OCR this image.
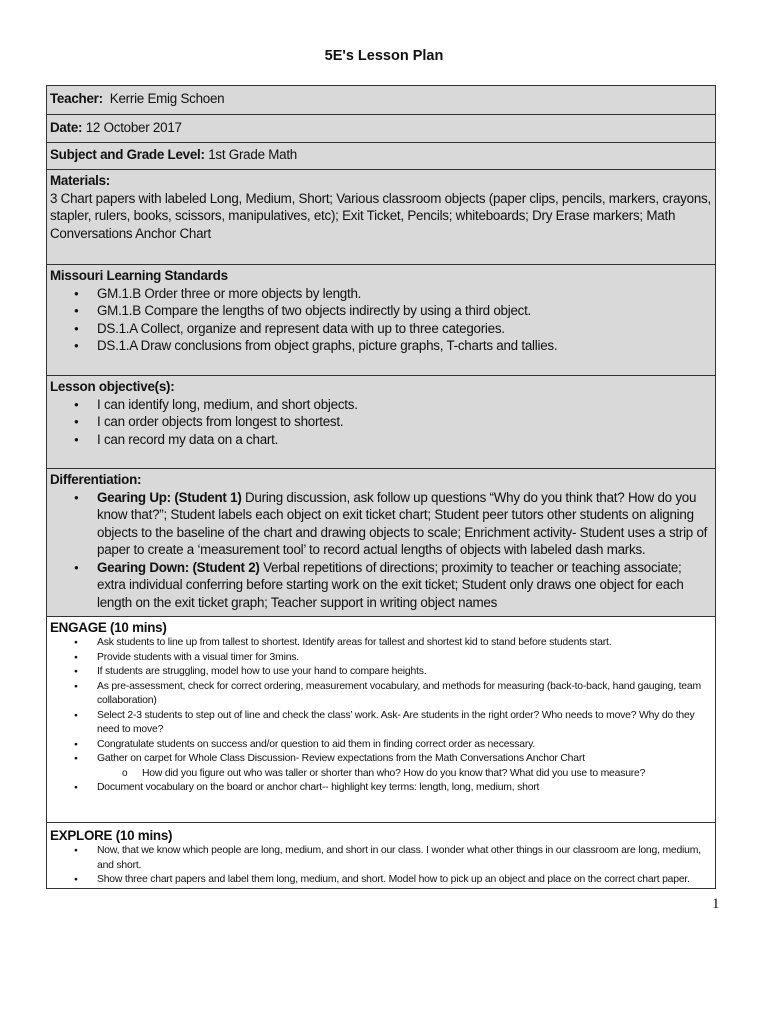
5E's Lesson Plan
Teacher: Kerrie Emig Schoen
Date: 12 October 2017
Subject and Grade Level: 1st Grade Math
Materials:
3 Chart papers with labeled Long, Medium, Short; Various classroom objects (paper clips, pencils, markers, crayons, stapler, rulers, books, scissors, manipulatives, etc); Exit Ticket, Pencils; whiteboards; Dry Erase markers; Math Conversations Anchor Chart
Missouri Learning Standards
● GM.1.B Order three or more objects by length.
● GM.1.B Compare the lengths of two objects indirectly by using a third object.
● DS.1.A Collect, organize and represent data with up to three categories.
● DS.1.A Draw conclusions from object graphs, picture graphs, T-charts and tallies.
Lesson objective(s):
● I can identify long, medium, and short objects.
● I can order objects from longest to shortest.
● I can record my data on a chart.
Differentiation:
● Gearing Up: (Student 1) During discussion, ask follow up questions “Why do you think that? How do you know that?”; Student labels each object on exit ticket chart; Student peer tutors other students on aligning objects to the baseline of the chart and drawing objects to scale; Enrichment activity- Student uses a strip of paper to create a ‘measurement tool’ to record actual lengths of objects with labeled dash marks.
● Gearing Down: (Student 2) Verbal repetitions of directions; proximity to teacher or teaching associate; extra individual conferring before starting work on the exit ticket; Student only draws one object for each length on the exit ticket graph; Teacher support in writing object names
ENGAGE (10 mins)
● Ask students to line up from tallest to shortest. Identify areas for tallest and shortest kid to stand before students start.
● Provide students with a visual timer for 3mins.
● If students are struggling, model how to use your hand to compare heights.
● As pre-assessment, check for correct ordering, measurement vocabulary, and methods for measuring (back-to-back, hand gauging, team collaboration)
● Select 2-3 students to step out of line and check the class’ work. Ask- Are students in the right order? Who needs to move? Why do they need to move?
● Congratulate students on success and/or question to aid them in finding correct order as necessary.
● Gather on carpet for Whole Class Discussion- Review expectations from the Math Conversations Anchor Chart
o How did you figure out who was taller or shorter than who? How do you know that? What did you use to measure?
● Document vocabulary on the board or anchor chart-- highlight key terms: length, long, medium, short
EXPLORE (10 mins)
● Now, that we know which people are long, medium, and short in our class. I wonder what other things in our classroom are long, medium, and short.
● Show three chart papers and label them long, medium, and short. Model how to pick up an object and place on the correct chart paper.
1
